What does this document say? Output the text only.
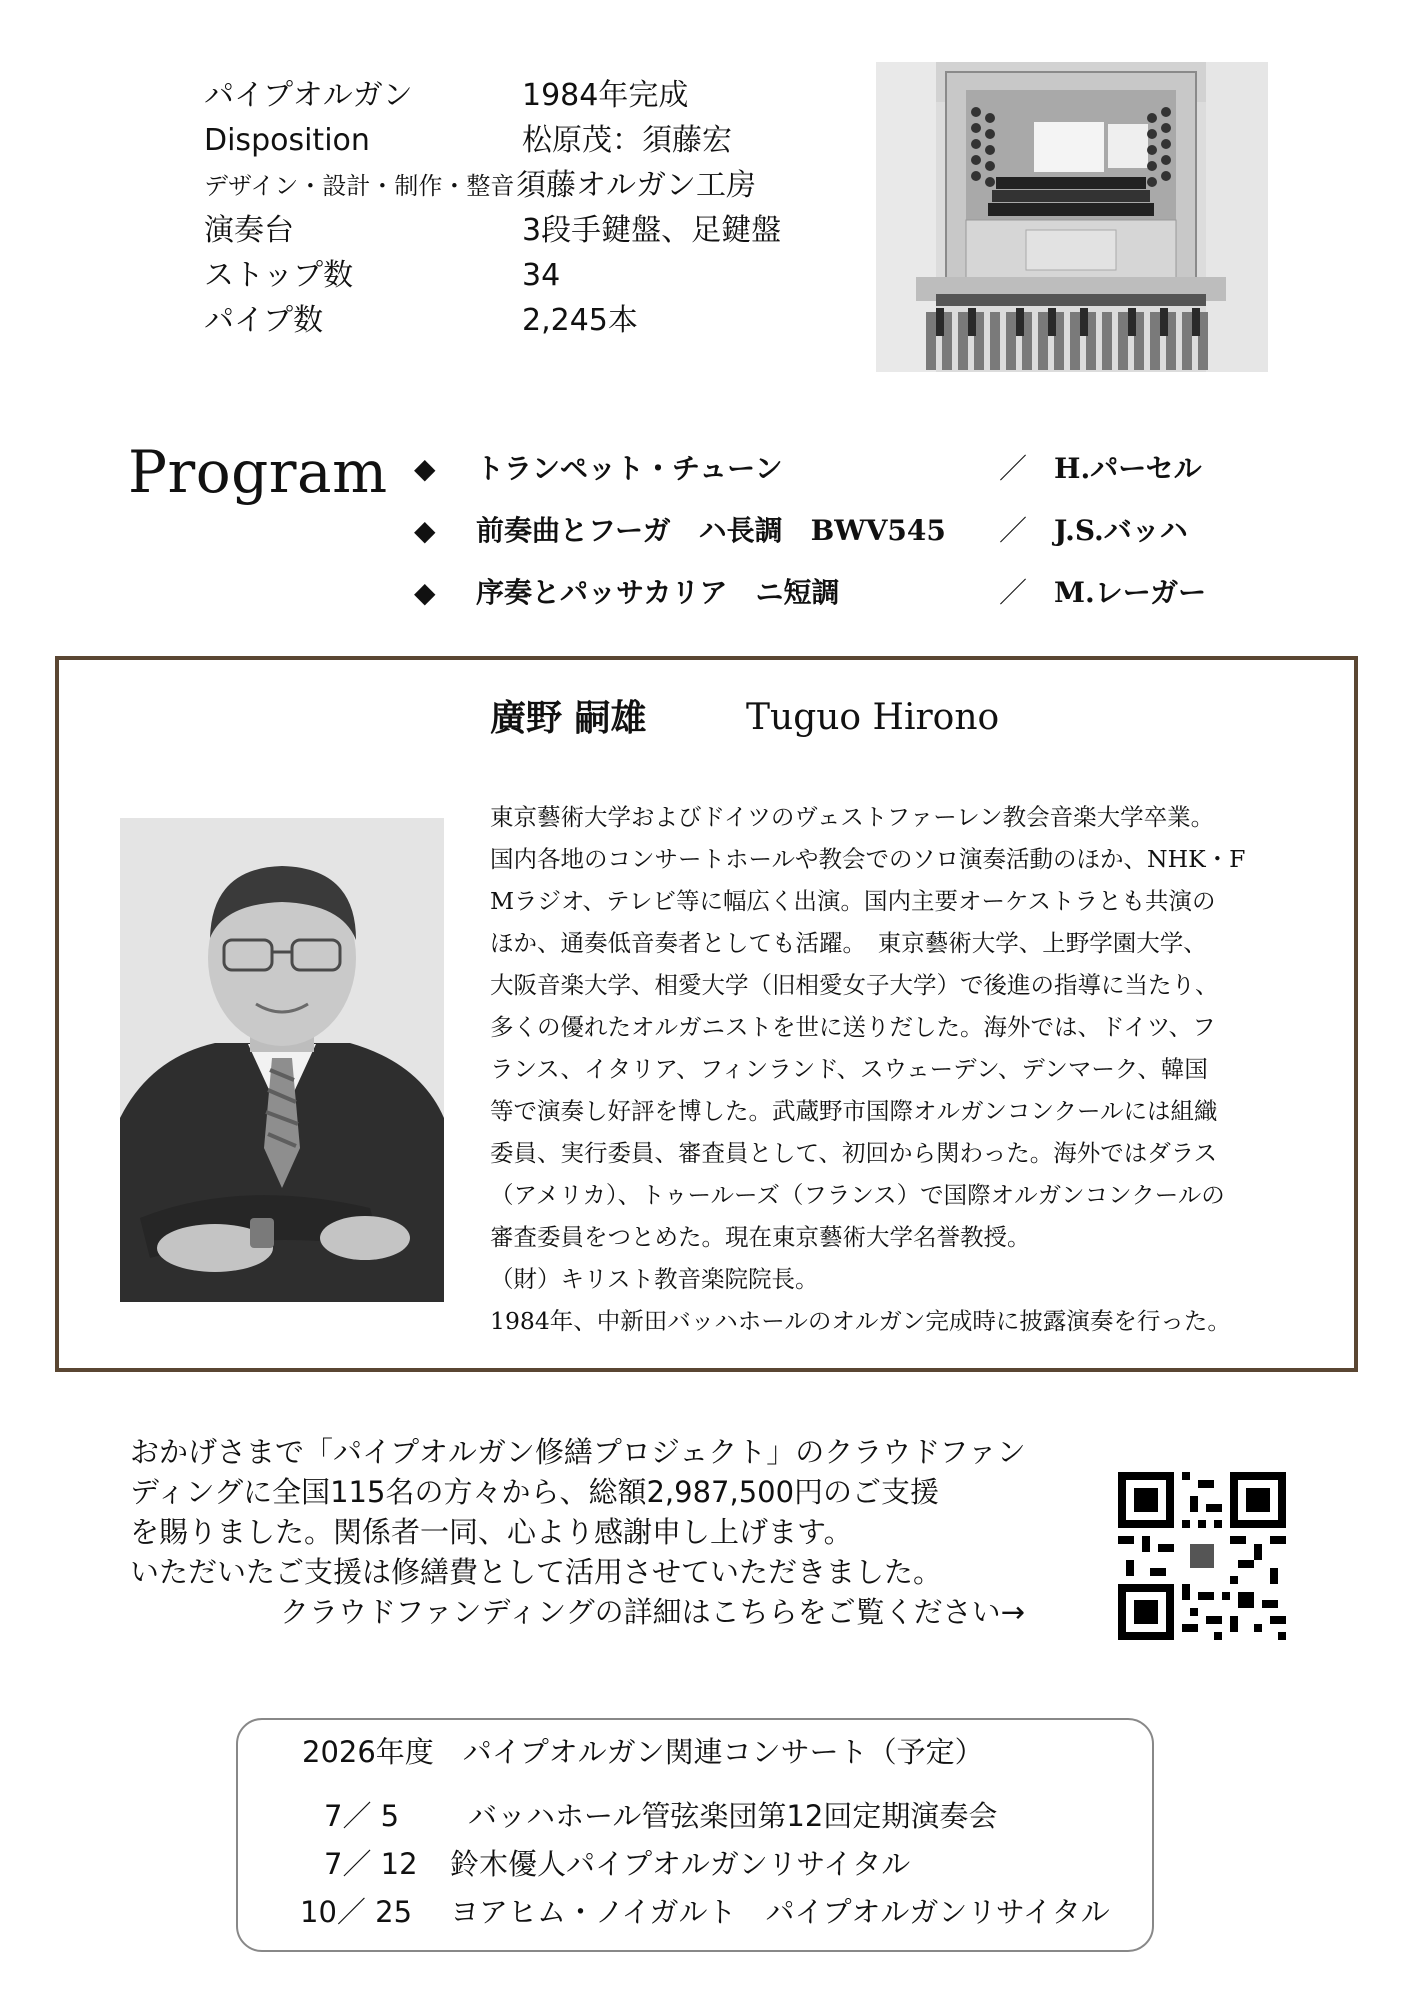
パイプオルガン	1984年完成
Disposition	松原茂：須藤宏
デザイン・設計・制作・整音 須藤オルガン工房
演奏台	3段手鍵盤、足鍵盤
ストップ数	34
パイプ数	2,245本
Program ◆ トランペット・チューン	／ H.パーセル
◆ 前奏曲とフーガ　ハ長調　BWV545 ／ J.S.バッハ
◆ 序奏とパッサカリア　ニ短調	／ M.レーガー
廣野 嗣雄	Tuguo Hirono
東京藝術大学およびドイツのヴェストファーレン教会音楽大学卒業。
国内各地のコンサートホールや教会でのソロ演奏活動のほか、NHK・F
Mラジオ、テレビ等に幅広く出演。国内主要オーケストラとも共演の
ほか、通奏低音奏者としても活躍。　東京藝術大学、上野学園大学、
大阪音楽大学、相愛大学（旧相愛女子大学）で後進の指導に当たり、
多くの優れたオルガニストを世に送りだした。海外では、ドイツ、フ
ランス、イタリア、フィンランド、スウェーデン、デンマーク、韓国
等で演奏し好評を博した。武蔵野市国際オルガンコンクールには組織
委員、実行委員、審査員として、初回から関わった。海外ではダラス
（アメリカ）、トゥールーズ（フランス）で国際オルガンコンクールの
審査委員をつとめた。現在東京藝術大学名誉教授。
（財）キリスト教音楽院院長。
1984年、中新田バッハホールのオルガン完成時に披露演奏を行った。
おかげさまで「パイプオルガン修繕プロジェクト」のクラウドファン
ディングに全国115名の方々から、総額2,987,500円のご支援
を賜りました。関係者一同、心より感謝申し上げます。
いただいたご支援は修繕費として活用させていただきました。
クラウドファンディングの詳細はこちらをご覧ください→
2026年度　パイプオルガン関連コンサート（予定）
7／ 5 バッハホール管弦楽団第12回定期演奏会
7／ 12 鈴木優人パイプオルガンリサイタル
10／ 25 ヨアヒム・ノイガルト　パイプオルガンリサイタル
